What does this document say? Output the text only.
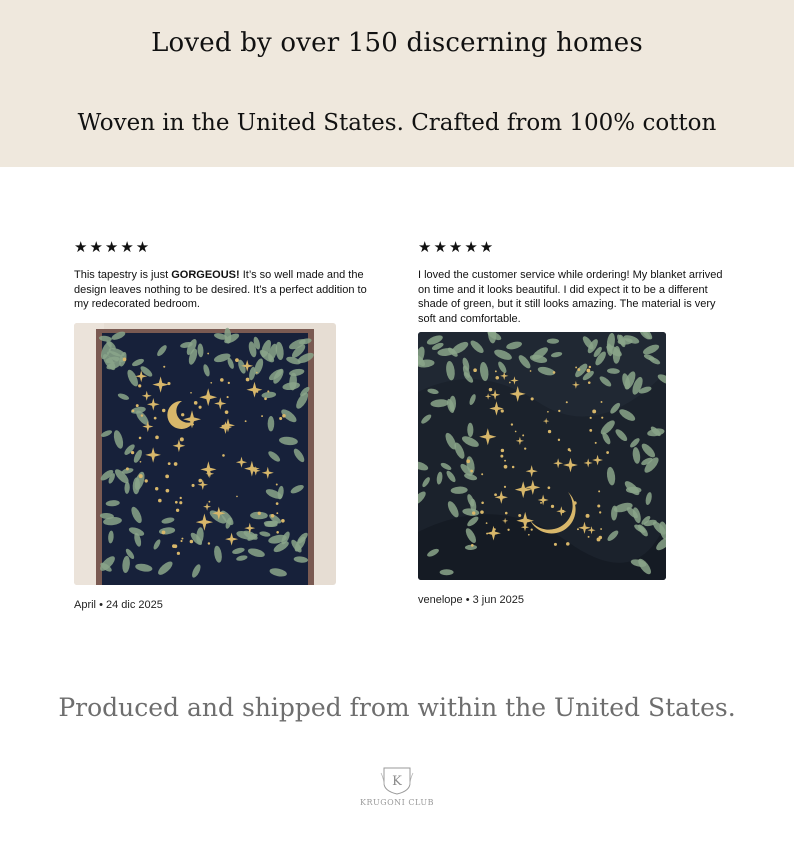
Loved by over 150 discerning homes
Woven in the United States. Crafted from 100% cotton
★★★★★
This tapestry is just GORGEOUS! It’s so well made and the design leaves nothing to be desired. It’s a perfect addition to my redecorated bedroom.
April • 24 dic 2025
★★★★★
I loved the customer service while ordering! My blanket arrived on time and it looks beautiful. I did expect it to be a different shade of green, but it still looks amazing. The material is very soft and comfortable.
venelope • 3 jun 2025
Produced and shipped from within the United States.
K
KRUGONI CLUB
